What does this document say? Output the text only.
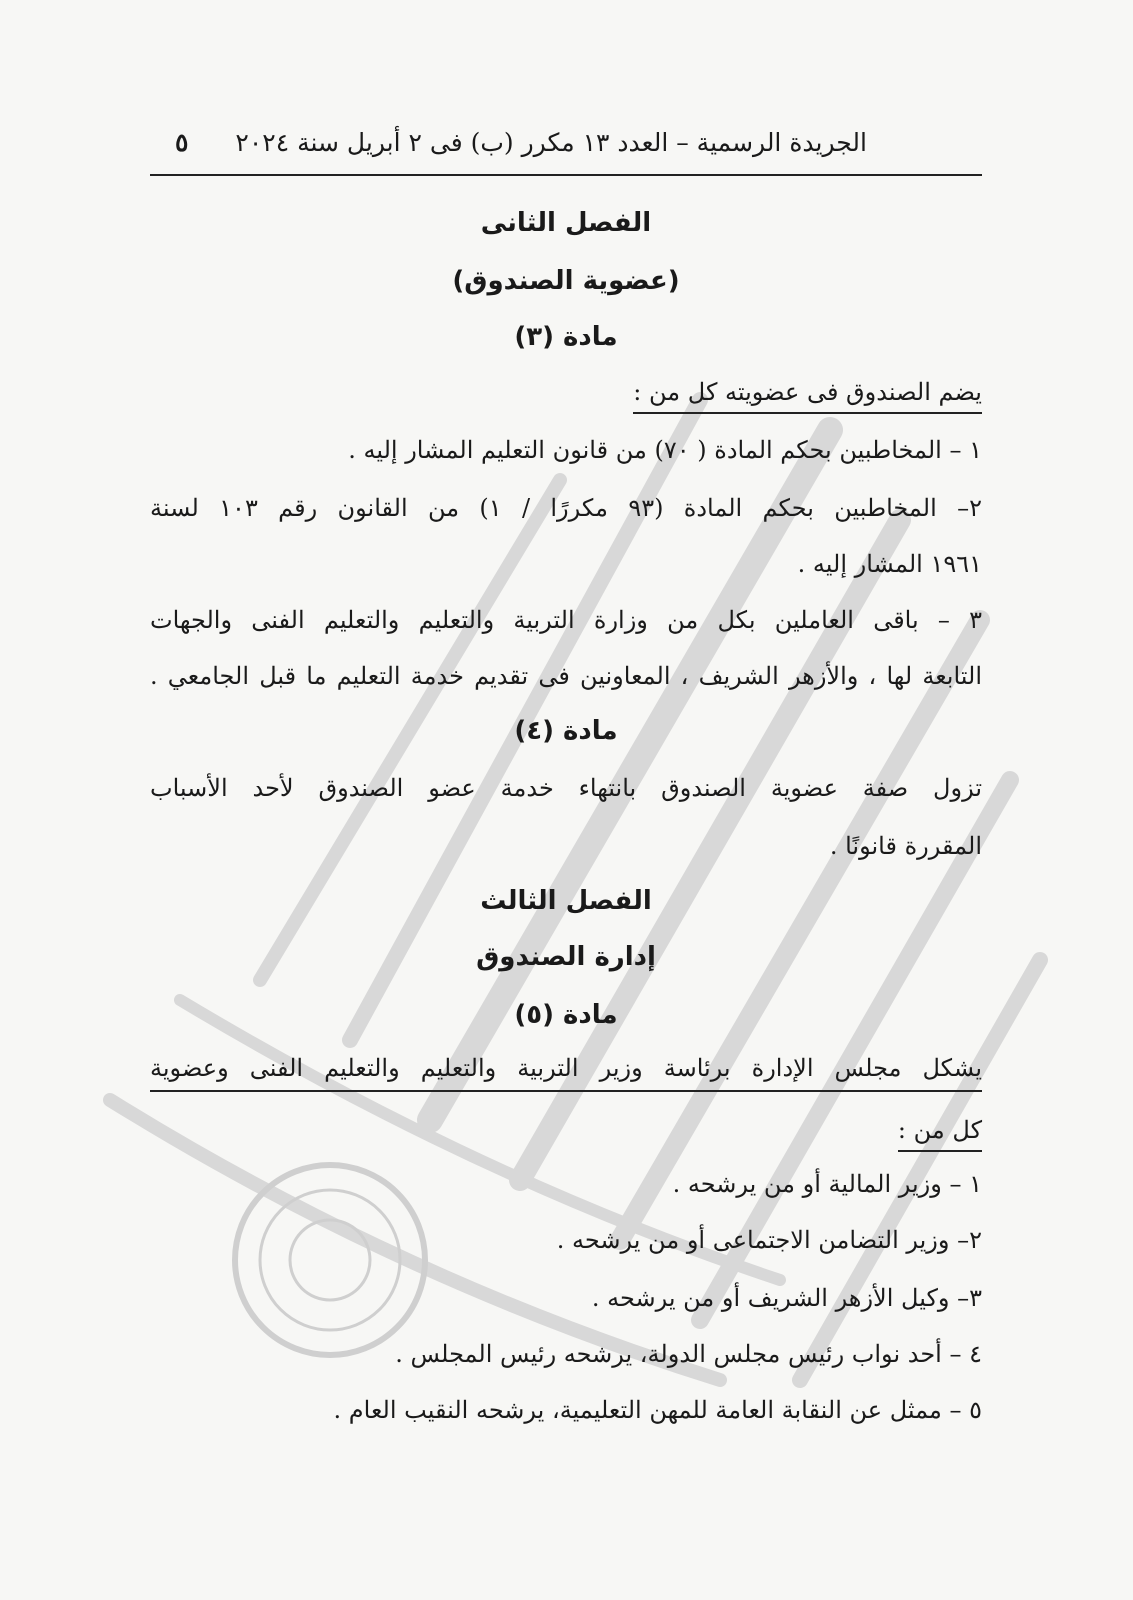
الجريدة الرسمية – العدد ١٣ مكرر (ب) فى ٢ أبريل سنة ٢٠٢٤
٥
الفصل الثانى
(عضوية الصندوق)
مادة (٣)
يضم الصندوق فى عضويته كل من :
١ – المخاطبين بحكم المادة ( ٧٠) من قانون التعليم المشار إليه .
٢– المخاطبين بحكم المادة (٩٣ مكررًا / ١) من القانون رقم ١٠٣ لسنة
١٩٦١ المشار إليه .
٣ – باقى العاملين بكل من وزارة التربية والتعليم والتعليم الفنى والجهات
التابعة لها ، والأزهر الشريف ، المعاونين فى تقديم خدمة التعليم ما قبل الجامعي .
مادة (٤)
تزول صفة عضوية الصندوق بانتهاء خدمة عضو الصندوق لأحد الأسباب
المقررة قانونًا .
الفصل الثالث
إدارة الصندوق
مادة (٥)
يشكل مجلس الإدارة برئاسة وزير التربية والتعليم والتعليم الفنى وعضوية
كل من :
١ – وزير المالية أو من يرشحه .
٢– وزير التضامن الاجتماعى أو من يرشحه .
٣– وكيل الأزهر الشريف أو من يرشحه .
٤ – أحد نواب رئيس مجلس الدولة، يرشحه رئيس المجلس .
٥ – ممثل عن النقابة العامة للمهن التعليمية، يرشحه النقيب العام .
